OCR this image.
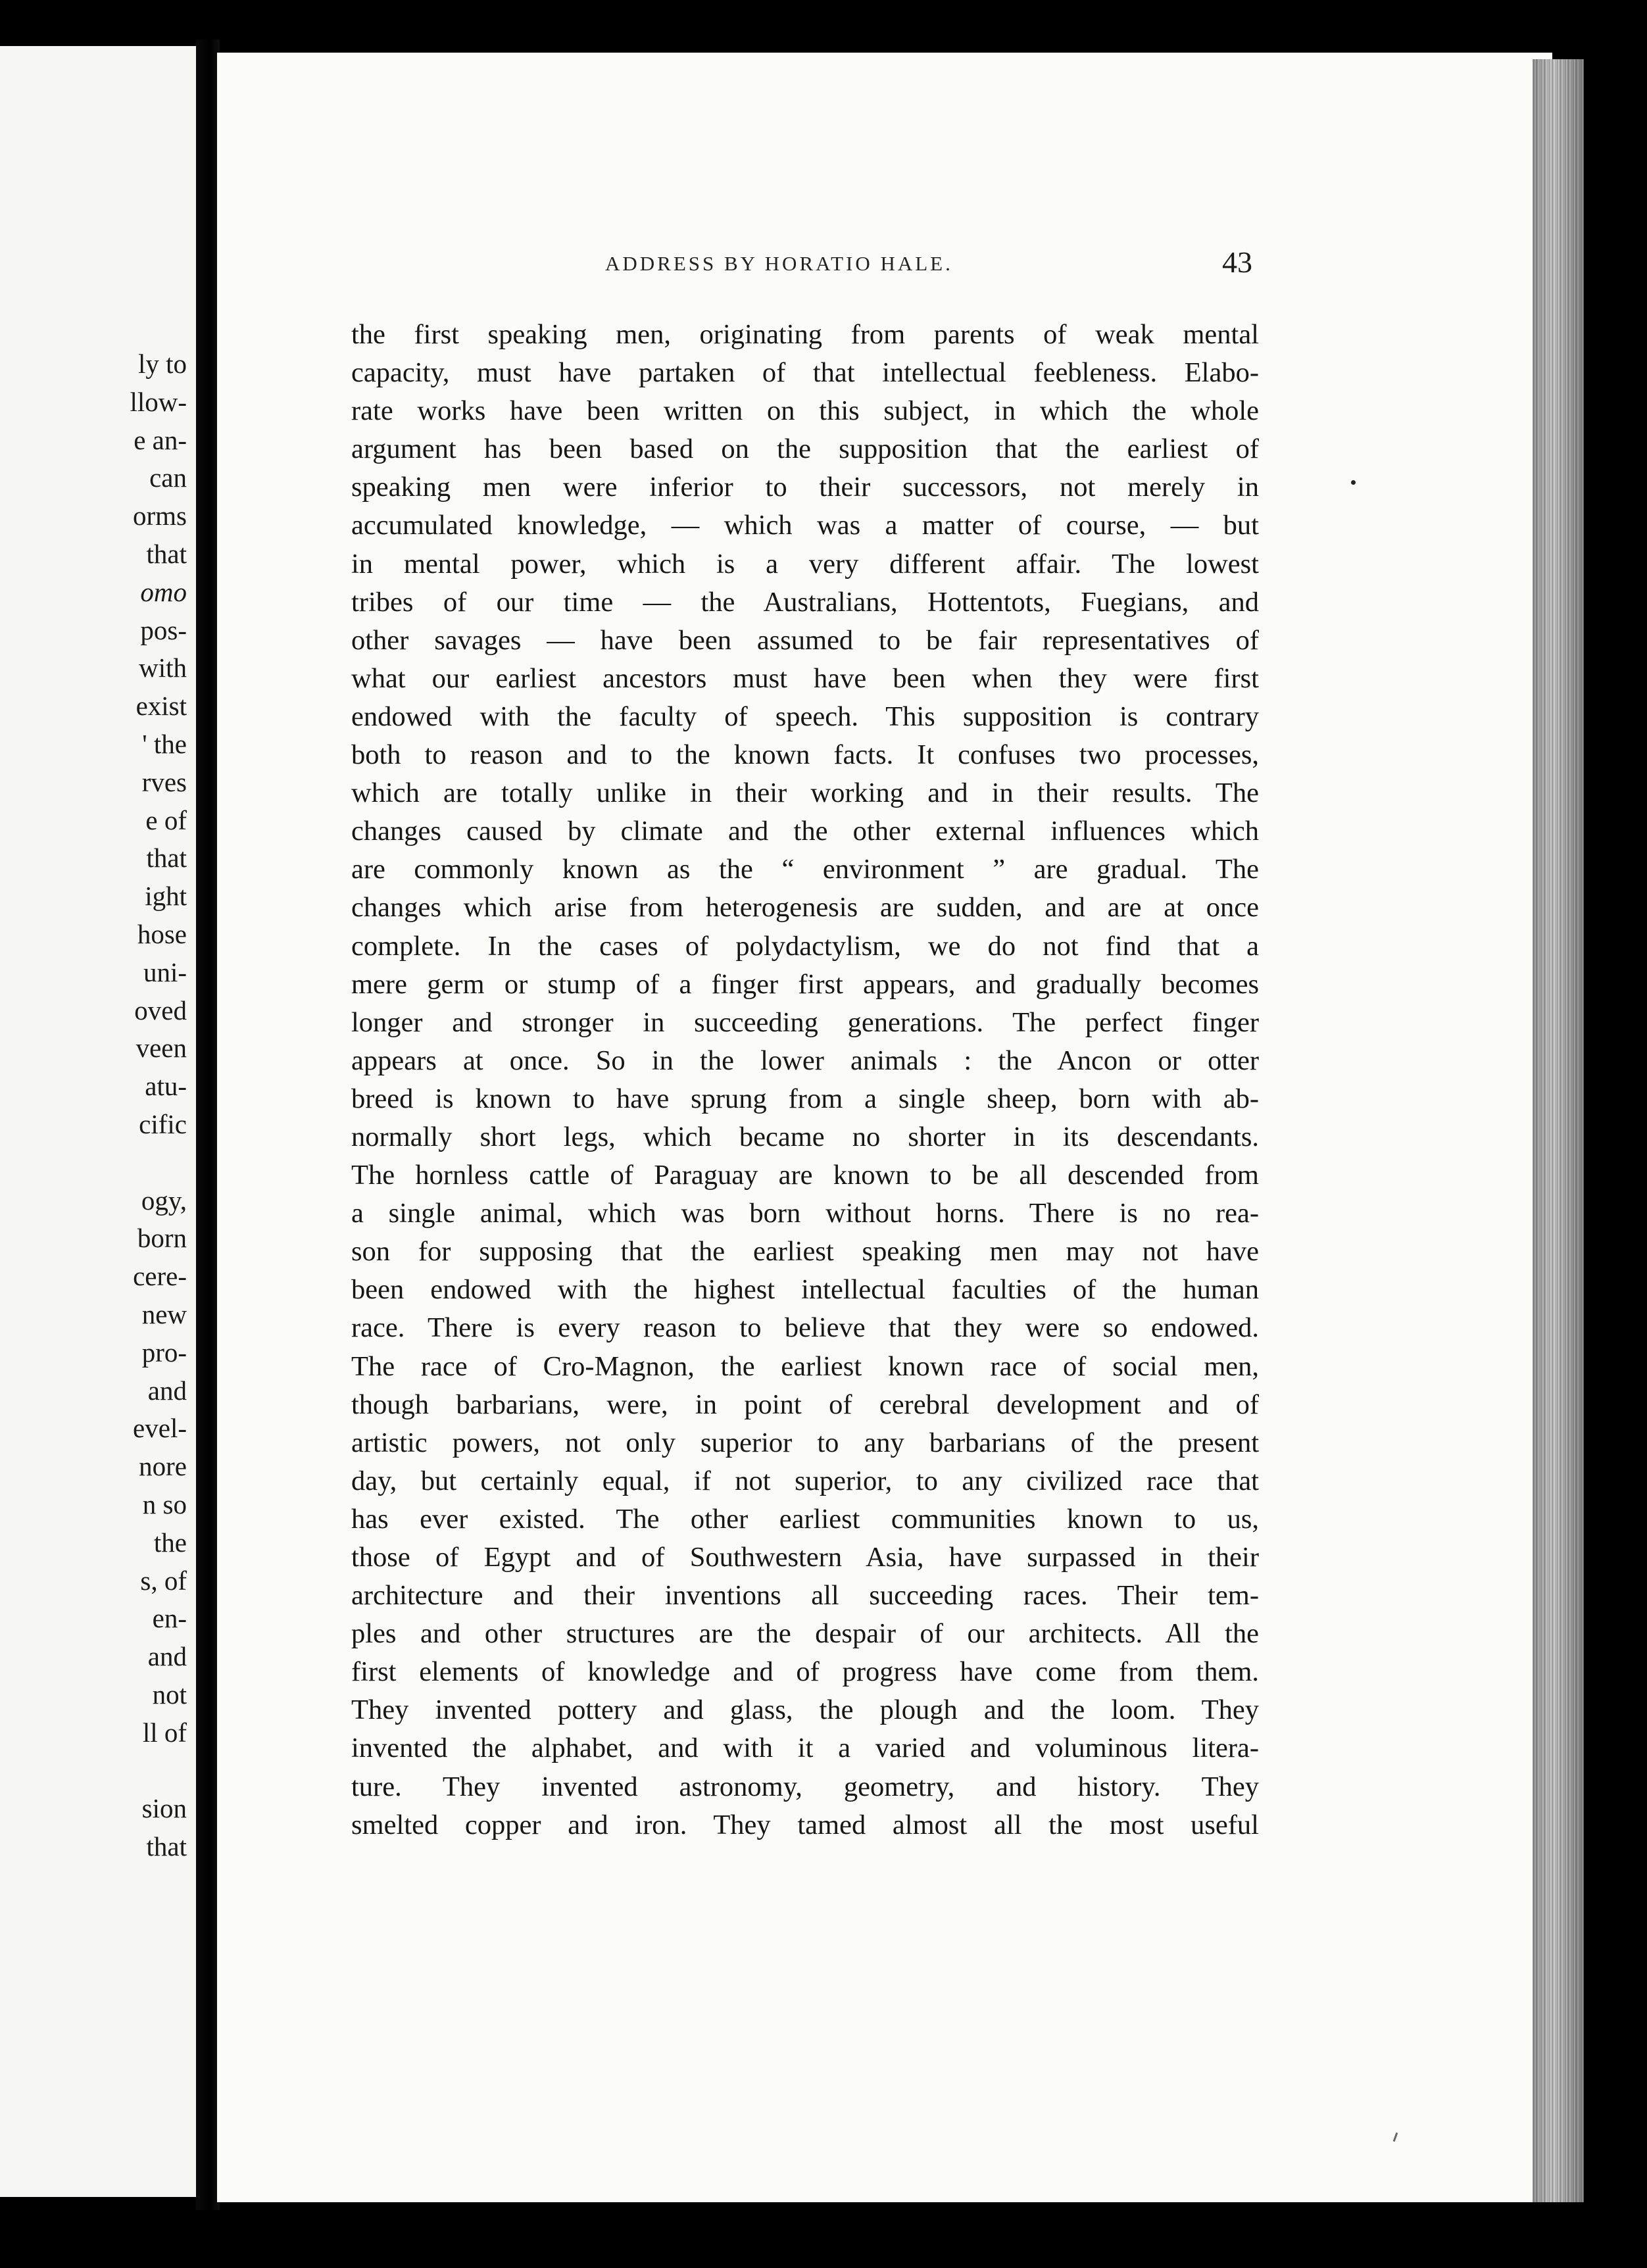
ly to
llow-
e an-
can
orms
that
omo
pos-
with
exist
' the
rves
e of
that
ight
hose
uni-
oved
veen
atu-
cific
ogy,
born
cere-
new
pro-
and
evel-
nore
n so
the
s, of
en-
and
not
ll of
sion
that
ADDRESS BY HORATIO HALE.	43
the first speaking men, originating from parents of weak mental
capacity, must have partaken of that intellectual feebleness. Elabo-
rate works have been written on this subject, in which the whole
argument has been based on the supposition that the earliest of
speaking men were inferior to their successors, not merely in
accumulated knowledge, — which was a matter of course, — but
in mental power, which is a very different affair. The lowest
tribes of our time — the Australians, Hottentots, Fuegians, and
other savages — have been assumed to be fair representatives of
what our earliest ancestors must have been when they were first
endowed with the faculty of speech. This supposition is contrary
both to reason and to the known facts. It confuses two processes,
which are totally unlike in their working and in their results. The
changes caused by climate and the other external influences which
are commonly known as the “ environment ” are gradual. The
changes which arise from heterogenesis are sudden, and are at once
complete. In the cases of polydactylism, we do not find that a
mere germ or stump of a finger first appears, and gradually becomes
longer and stronger in succeeding generations. The perfect finger
appears at once. So in the lower animals : the Ancon or otter
breed is known to have sprung from a single sheep, born with ab-
normally short legs, which became no shorter in its descendants.
The hornless cattle of Paraguay are known to be all descended from
a single animal, which was born without horns. There is no rea-
son for supposing that the earliest speaking men may not have
been endowed with the highest intellectual faculties of the human
race. There is every reason to believe that they were so endowed.
The race of Cro-Magnon, the earliest known race of social men,
though barbarians, were, in point of cerebral development and of
artistic powers, not only superior to any barbarians of the present
day, but certainly equal, if not superior, to any civilized race that
has ever existed. The other earliest communities known to us,
those of Egypt and of Southwestern Asia, have surpassed in their
architecture and their inventions all succeeding races. Their tem-
ples and other structures are the despair of our architects. All the
first elements of knowledge and of progress have come from them.
They invented pottery and glass, the plough and the loom. They
invented the alphabet, and with it a varied and voluminous litera-
ture. They invented astronomy, geometry, and history. They
smelted copper and iron. They tamed almost all the most useful
